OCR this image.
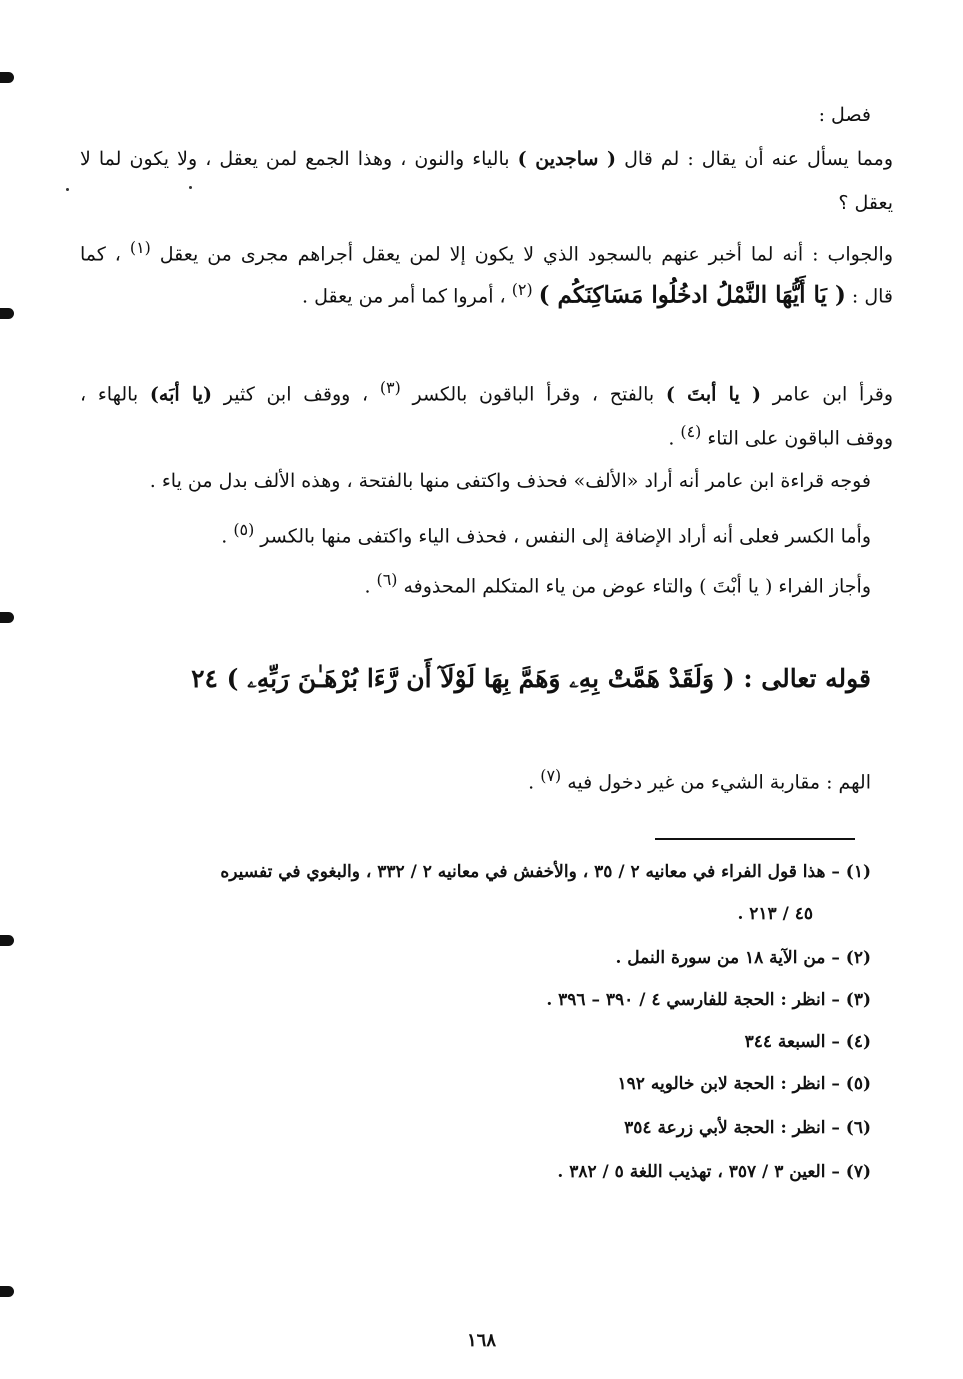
فصل :
ومما يسأل عنه أن يقال : لم قال ( ساجدين ) بالياء والنون ، وهذا الجمع لمن يعقل ، ولا يكون لما لا
يعقل ؟
والجواب : أنه لما أخبر عنهم بالسجود الذي لا يكون إلا لمن يعقل أجراهم مجرى من يعقل $^{(١)}$ ، كما
قال : ( يَا أَيُّهَا النَّمْلُ ادخُلُوا مَسَاكِنَكُم ) $^{(٢)}$ ، أمروا كما أمر من يعقل .
وقرأ ابن عامر ( يا أبتَ ) بالفتح ، وقرأ الباقون بالكسر $^{(٣)}$ ، ووقف ابن كثير (يا أبَه) بالهاء ،
ووقف الباقون على التاء $^{(٤)}$ .
فوجه قراءة ابن عامر أنه أراد «الألف» فحذف واكتفى منها بالفتحة ، وهذه الألف بدل من ياء .
وأما الكسر فعلى أنه أراد الإضافة إلى النفس ، فحذف الياء واكتفى منها بالكسر $^{(٥)}$ .
وأجاز الفراء ( يا أبْتَ ) والتاء عوض من ياء المتكلم المحذوفه $^{(٦)}$ .
قوله تعالى : ( وَلَقَدْ هَمَّتْ بِهِۦ وَهَمَّ بِهَا لَوْلَآ أَن رَّءَا بُرْهَـٰنَ رَبِّهِۦ ) ٢٤
الهم : مقاربة الشيء من غير دخول فيه $^{(٧)}$ .
(١) – هذا قول الفراء في معانيه ٢ / ٣٥ ، والأخفش في معانيه ٢ / ٣٣٢ ، والبغوي في تفسيره
٤٥ / ٢١٣ .
(٢) – من الآية ١٨ من سورة النمل .
(٣) – انظر : الحجة للفارسي ٤ / ٣٩٠ – ٣٩٦ .
(٤) – السبعة ٣٤٤
(٥) – انظر : الحجة لابن خالويه ١٩٢
(٦) – انظر : الحجة لأبي زرعة ٣٥٤
(٧) – العين ٣ / ٣٥٧ ، تهذيب اللغة ٥ / ٣٨٢ .
١٦٨
